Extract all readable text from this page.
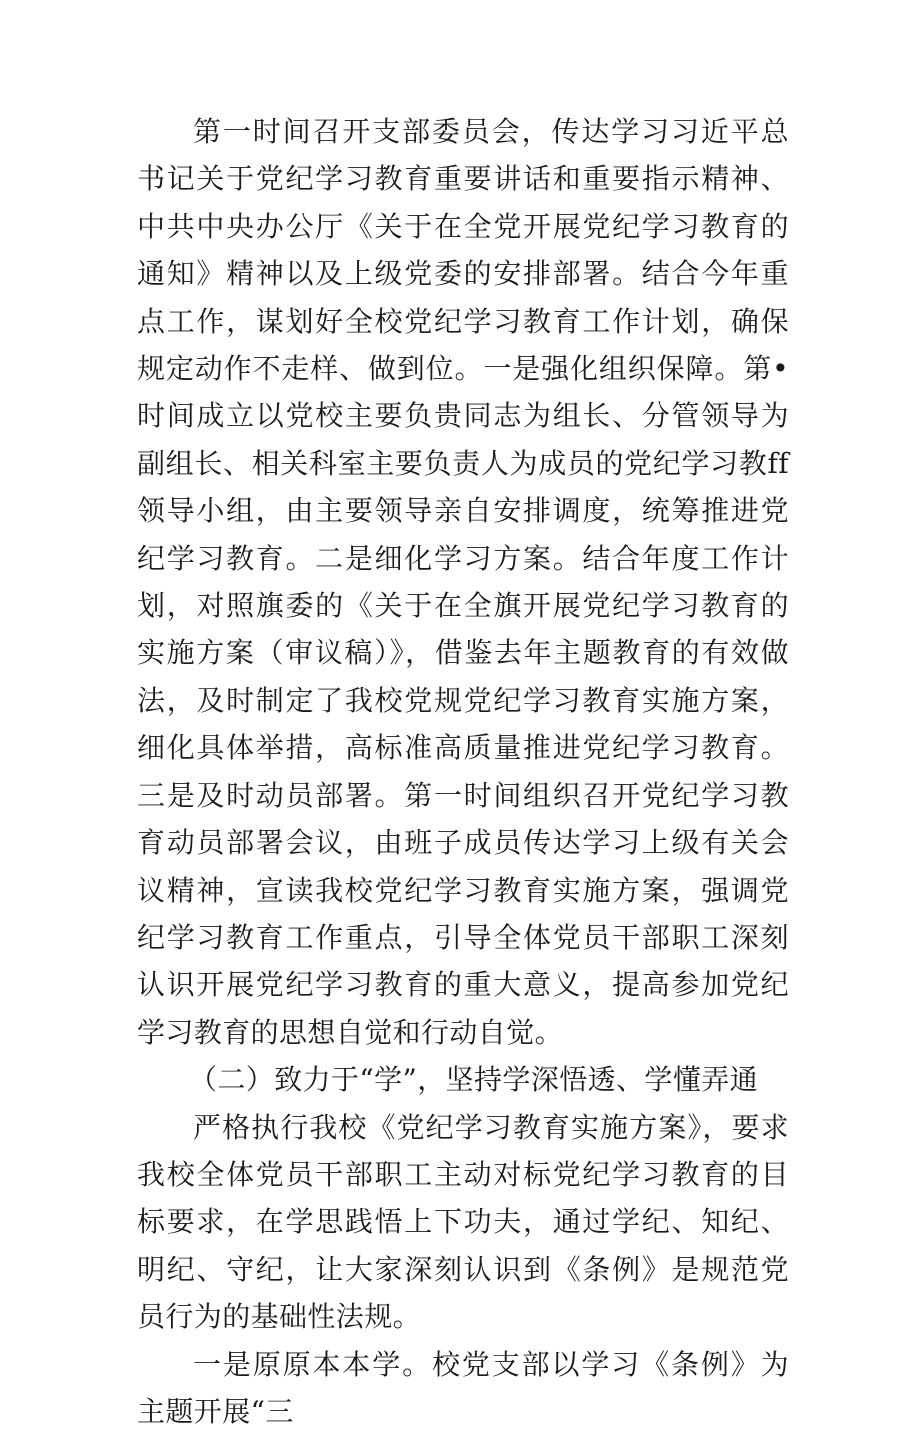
第一时间召开支部委员会，传达学习习近平总书记关于党纪学习教育重要讲话和重要指示精神、中共中央办公厅《关于在全党开展党纪学习教育的通知》精神以及上级党委的安排部署。结合今年重点工作，谋划好全校党纪学习教育工作计划，确保规定动作不走样、做到位。一是强化组织保障。第•时间成立以党校主要负贵同志为组长、分管领导为副组长、相关科室主要负责人为成员的党纪学习教ff领导小组，由主要领导亲自安排调度，统筹推进党纪学习教育。二是细化学习方案。结合年度工作计划，对照旗委的《关于在全旗开展党纪学习教育的实施方案（审议稿）》，借鉴去年主题教育的有效做法，及时制定了我校党规党纪学习教育实施方案，细化具体举措，高标准高质量推进党纪学习教育。三是及时动员部署。第一时间组织召开党纪学习教育动员部署会议，由班子成员传达学习上级有关会议精神，宣读我校党纪学习教育实施方案，强调党纪学习教育工作重点，引导全体党员干部职工深刻认识开展党纪学习教育的重大意义，提高参加党纪学习教育的思想自觉和行动自觉。

（二）致力于“学”，坚持学深悟透、学懂弄通

严格执行我校《党纪学习教育实施方案》，要求我校全体党员干部职工主动对标党纪学习教育的目标要求，在学思践悟上下功夫，通过学纪、知纪、明纪、守纪，让大家深刻认识到《条例》是规范党员行为的基础性法规。

一是原原本本学。校党支部以学习《条例》为主题开展“三
